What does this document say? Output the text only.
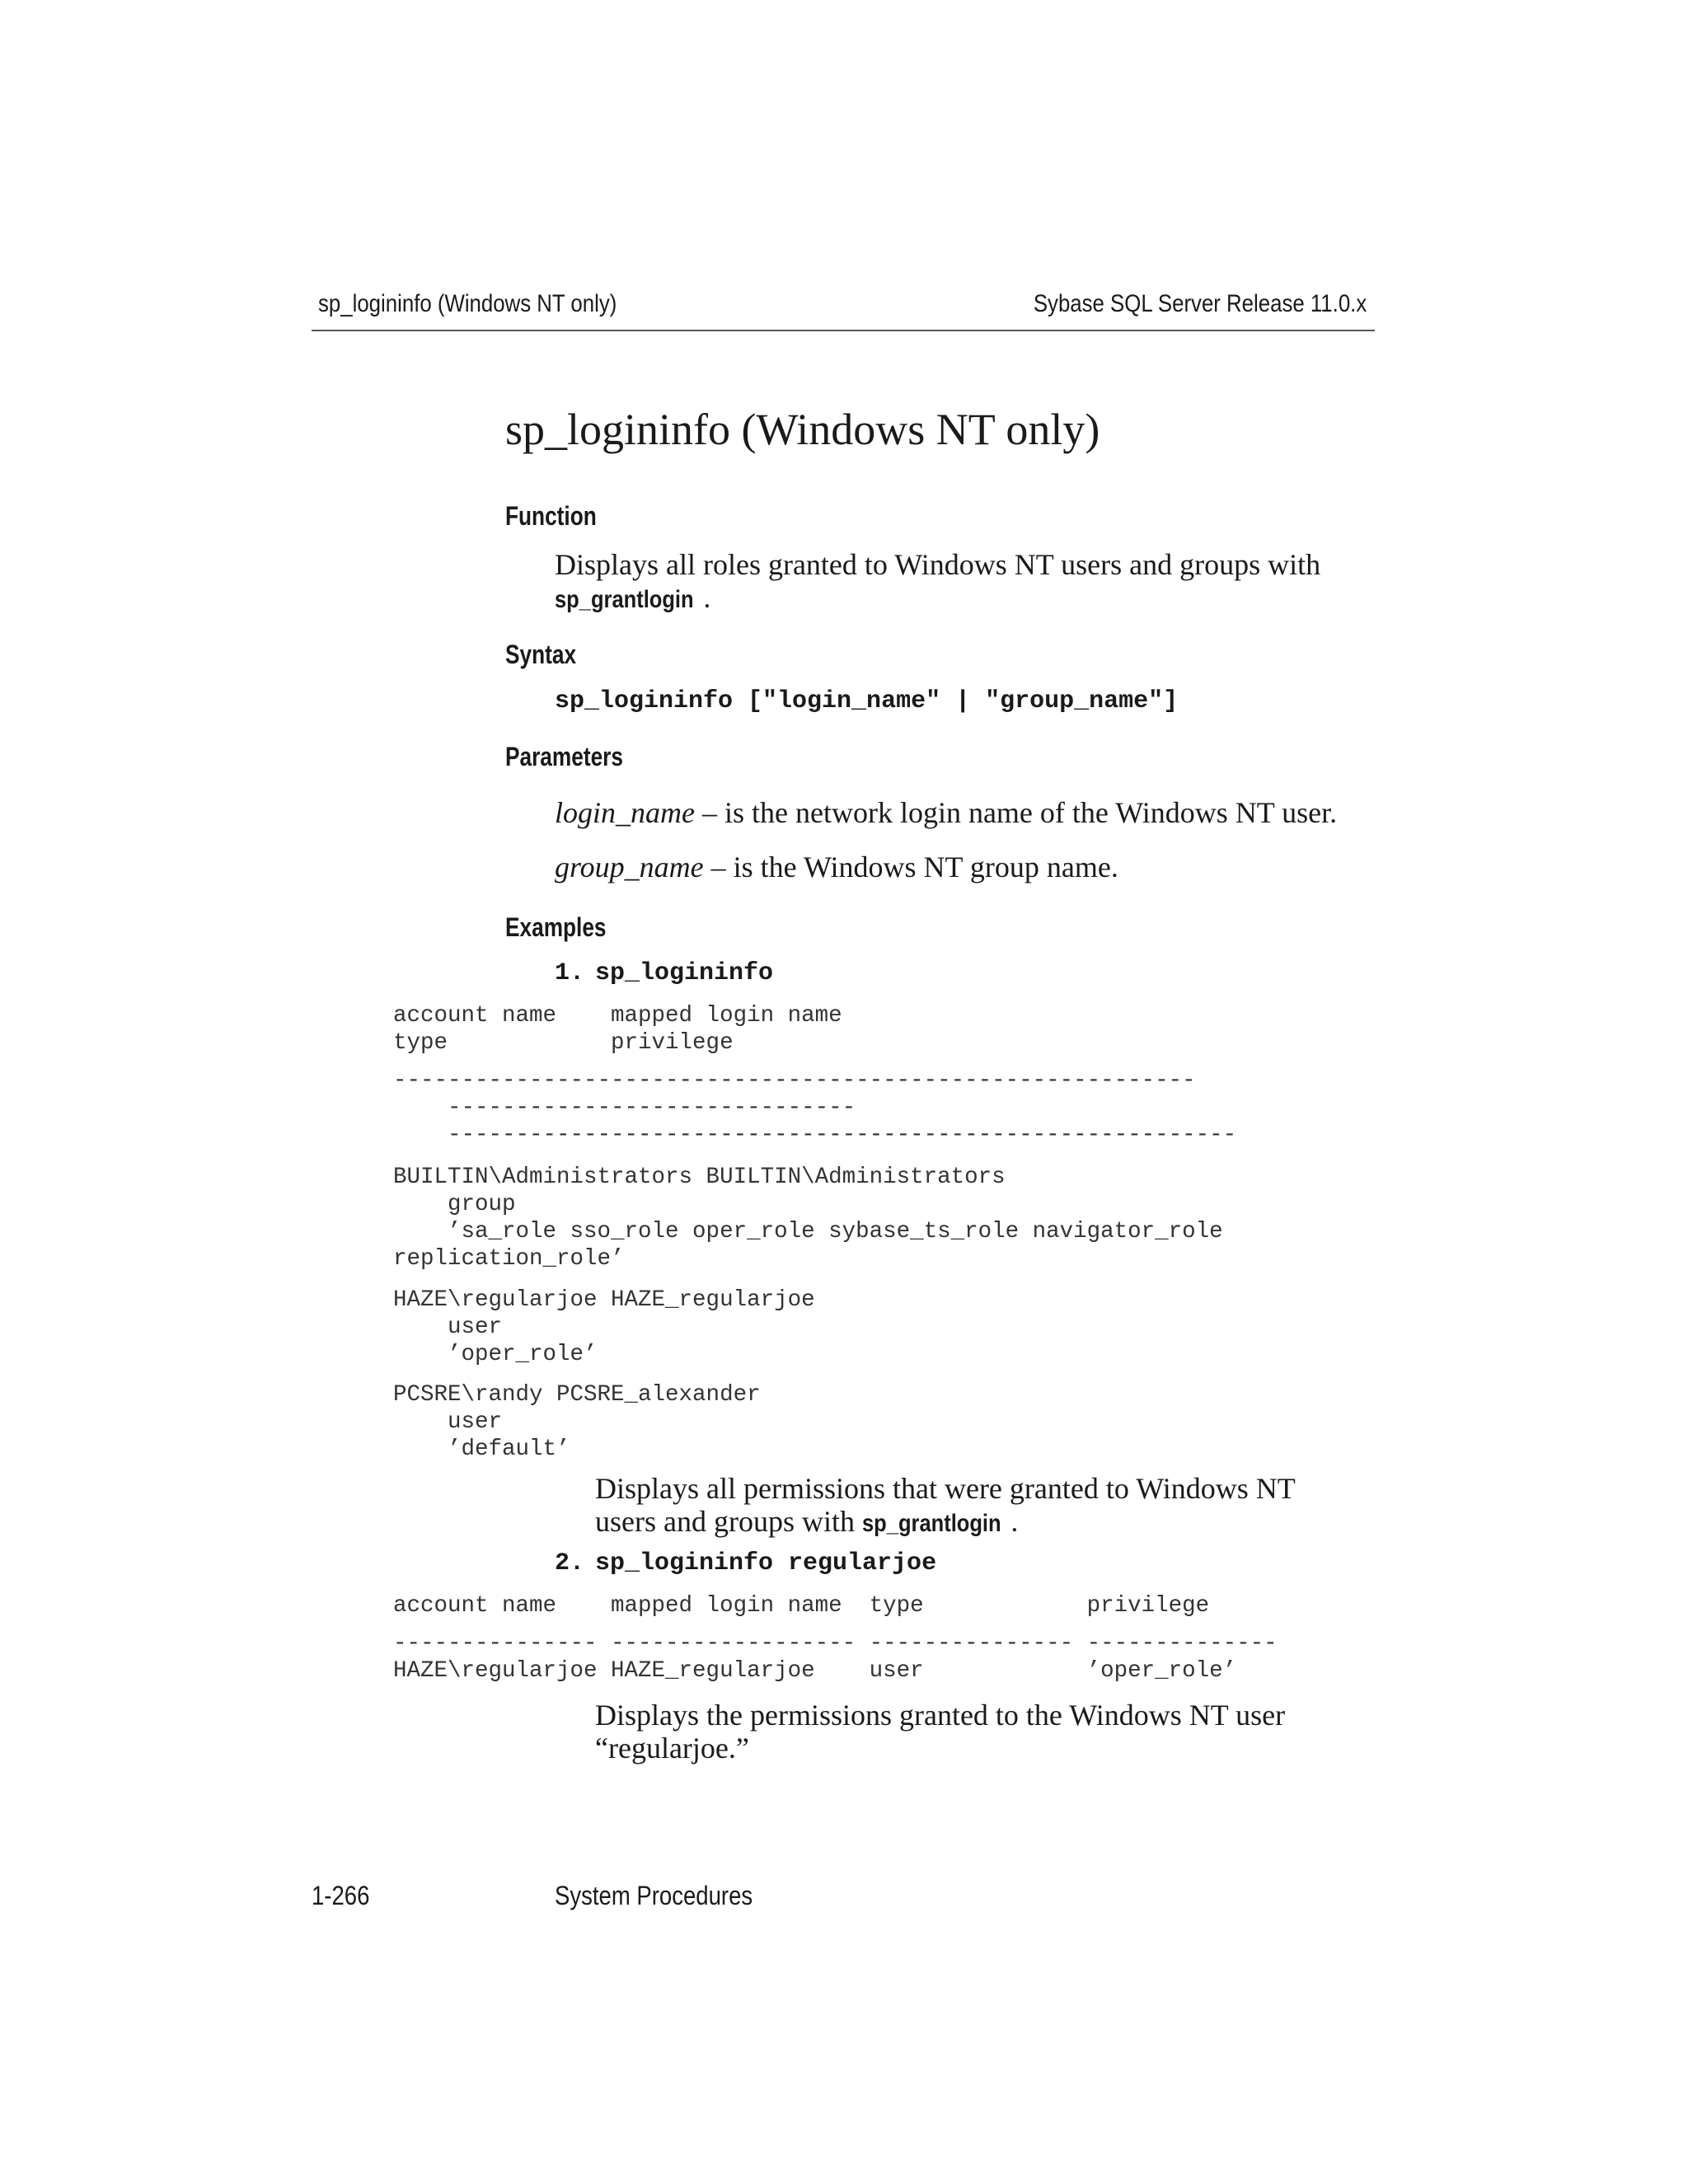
sp_logininfo (Windows NT only)	Sybase SQL Server Release 11.0.x
sp_logininfo (Windows NT only)
Function
Displays all roles granted to Windows NT users and groups with sp_grantlogin .
Syntax
sp_logininfo ["login_name" | "group_name"]
Parameters
login_name – is the network login name of the Windows NT user.
group_name – is the Windows NT group name.
Examples
1. sp_logininfo
account name    mapped login name
type            privilege
-----------------------------------------------------------
------------------------------
----------------------------------------------------------
BUILTIN\Administrators BUILTIN\Administrators
group
’sa_role sso_role oper_role sybase_ts_role navigator_role
replication_role’
HAZE\regularjoe HAZE_regularjoe
user
’oper_role’
PCSRE\randy PCSRE_alexander
user
’default’
Displays all permissions that were granted to Windows NT users and groups with sp_grantlogin .
2. sp_logininfo regularjoe
account name    mapped login name  type            privilege
--------------- ------------------ --------------- --------------
HAZE\regularjoe HAZE_regularjoe    user            ’oper_role’
Displays the permissions granted to the Windows NT user “regularjoe.”
1-266	System Procedures
